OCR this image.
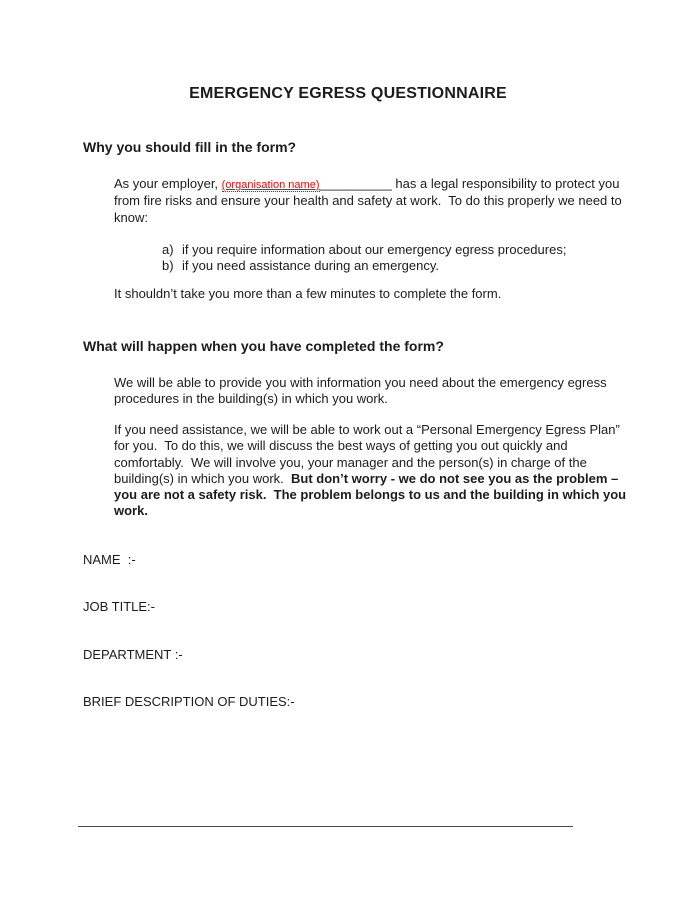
EMERGENCY EGRESS QUESTIONNAIRE
Why you should fill in the form?
As your employer, (organisation name)__________ has a legal responsibility to protect you from fire risks and ensure your health and safety at work.  To do this properly we need to know:
a) if you require information about our emergency egress procedures;
b) if you need assistance during an emergency.
It shouldn’t take you more than a few minutes to complete the form.
What will happen when you have completed the form?
We will be able to provide you with information you need about the emergency egress procedures in the building(s) in which you work.
If you need assistance, we will be able to work out a “Personal Emergency Egress Plan” for you.  To do this, we will discuss the best ways of getting you out quickly and comfortably.  We will involve you, your manager and the person(s) in charge of the building(s) in which you work.  But don’t worry - we do not see you as the problem – you are not a safety risk.  The problem belongs to us and the building in which you work.
NAME  :-
JOB TITLE:-
DEPARTMENT :-
BRIEF DESCRIPTION OF DUTIES:-
